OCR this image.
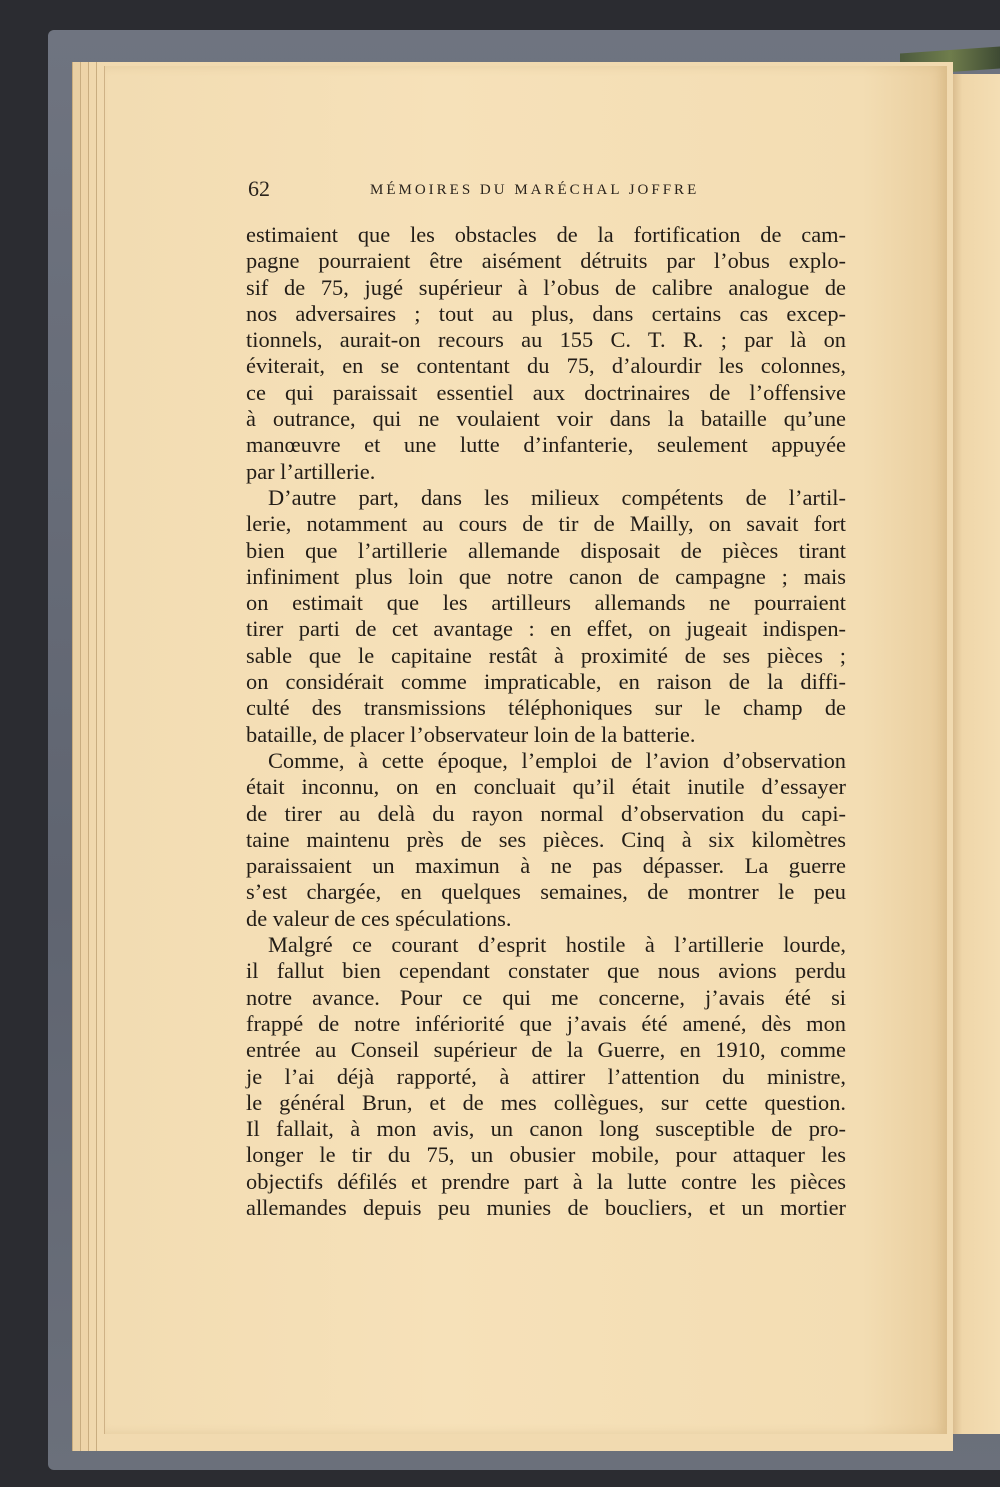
62	MÉMOIRES DU MARÉCHAL JOFFRE

estimaient que les obstacles de la fortification de cam-

pagne pourraient être aisément détruits par l’obus explo-

sif de 75, jugé supérieur à l’obus de calibre analogue de

nos adversaires ; tout au plus, dans certains cas excep-

tionnels, aurait-on recours au 155 C. T. R. ; par là on

éviterait, en se contentant du 75, d’alourdir les colonnes,

ce qui paraissait essentiel aux doctrinaires de l’offensive

à outrance, qui ne voulaient voir dans la bataille qu’une

manœuvre et une lutte d’infanterie, seulement appuyée

par l’artillerie.

D’autre part, dans les milieux compétents de l’artil-

lerie, notamment au cours de tir de Mailly, on savait fort

bien que l’artillerie allemande disposait de pièces tirant

infiniment plus loin que notre canon de campagne ; mais

on estimait que les artilleurs allemands ne pourraient

tirer parti de cet avantage : en effet, on jugeait indispen-

sable que le capitaine restât à proximité de ses pièces ;

on considérait comme impraticable, en raison de la diffi-

culté des transmissions téléphoniques sur le champ de

bataille, de placer l’observateur loin de la batterie.

Comme, à cette époque, l’emploi de l’avion d’observation

était inconnu, on en concluait qu’il était inutile d’essayer

de tirer au delà du rayon normal d’observation du capi-

taine maintenu près de ses pièces. Cinq à six kilomètres

paraissaient un maximun à ne pas dépasser. La guerre

s’est chargée, en quelques semaines, de montrer le peu

de valeur de ces spéculations.

Malgré ce courant d’esprit hostile à l’artillerie lourde,

il fallut bien cependant constater que nous avions perdu

notre avance. Pour ce qui me concerne, j’avais été si

frappé de notre infériorité que j’avais été amené, dès mon

entrée au Conseil supérieur de la Guerre, en 1910, comme

je l’ai déjà rapporté, à attirer l’attention du ministre,

le général Brun, et de mes collègues, sur cette question.

Il fallait, à mon avis, un canon long susceptible de pro-

longer le tir du 75, un obusier mobile, pour attaquer les

objectifs défilés et prendre part à la lutte contre les pièces

allemandes depuis peu munies de boucliers, et un mortier
